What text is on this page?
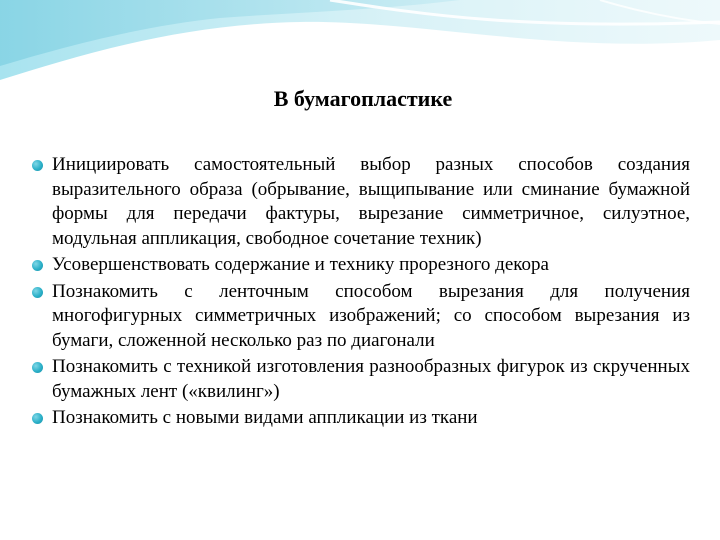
В бумагопластике
Инициировать самостоятельный выбор разных способов создания выразительного образа (обрывание, выщипывание или сминание бумажной формы для передачи фактуры, вырезание симметричное, силуэтное, модульная аппликация, свободное сочетание техник)
Усовершенствовать содержание и технику прорезного декора
Познакомить с ленточным способом вырезания для получения многофигурных симметричных изображений; со способом вырезания из бумаги, сложенной несколько раз по диагонали
Познакомить с техникой изготовления разнообразных фигурок из скрученных бумажных лент («квилинг»)
Познакомить с новыми видами аппликации из ткани
